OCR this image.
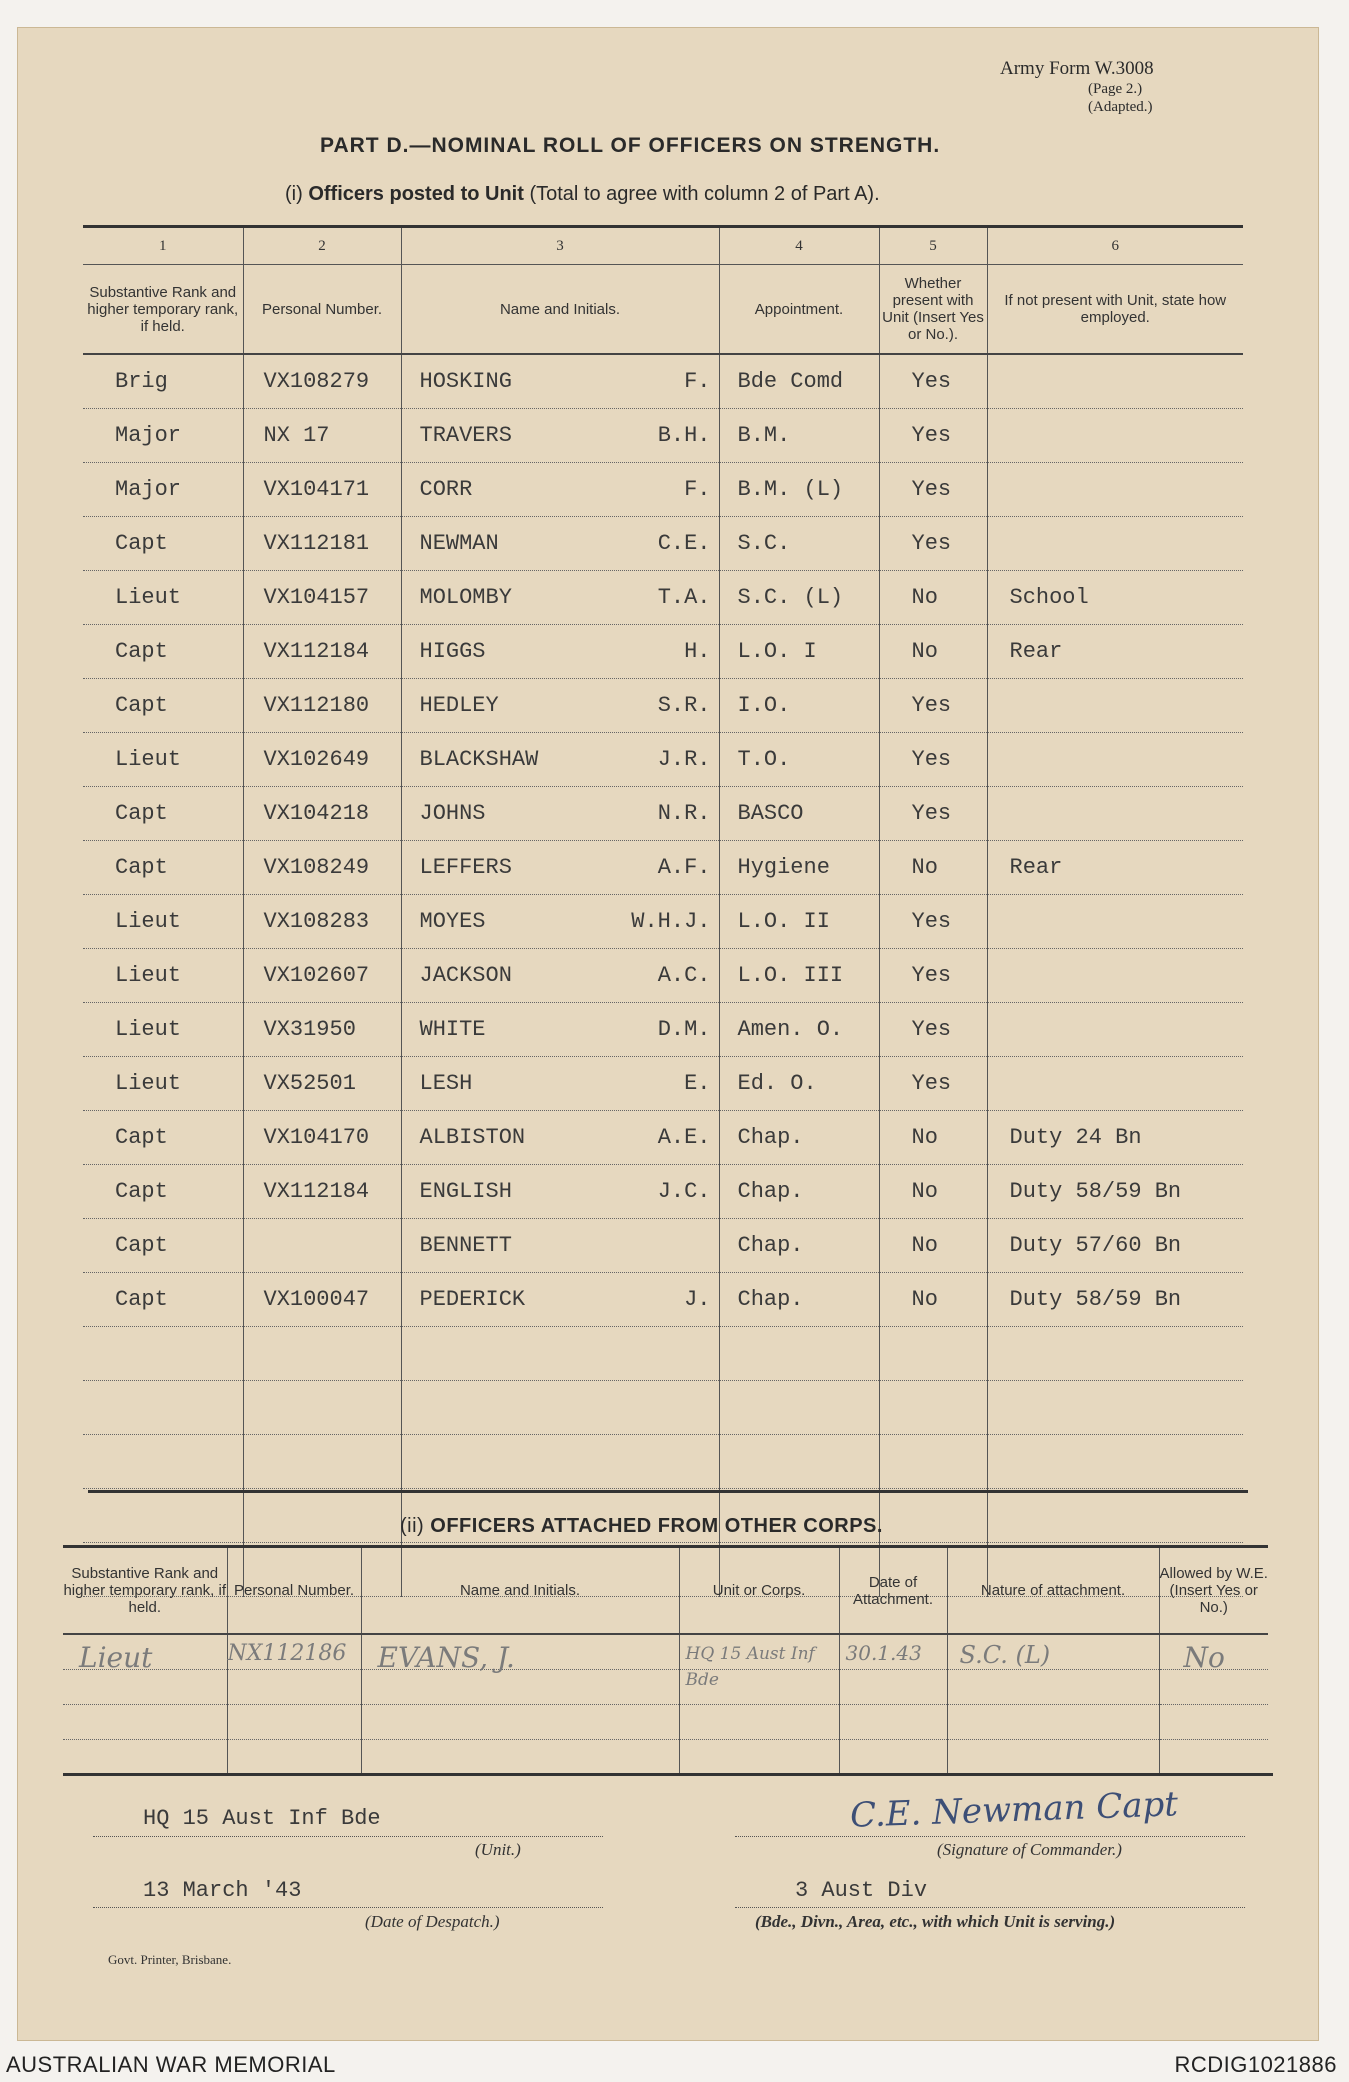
Army Form W.3008
(Page 2.)
(Adapted.)
PART D.—NOMINAL ROLL OF OFFICERS ON STRENGTH.
(i) Officers posted to Unit (Total to agree with column 2 of Part A).
1	2	3	4	5	6
Substantive Rank and higher temporary rank, if held.	Personal Number.	Name and Initials.	Appointment.	Whether present with Unit (Insert Yes or No.).	If not present with Unit, state how employed.
Brig	VX108279	HOSKING F.	Bde Comd	Yes	
Major	NX 17	TRAVERS B.H.	B.M.	Yes	
Major	VX104171	CORR F.	B.M. (L)	Yes	
Capt	VX112181	NEWMAN C.E.	S.C.	Yes	
Lieut	VX104157	MOLOMBY T.A.	S.C. (L)	No	School
Capt	VX112184	HIGGS H.	L.O. I	No	Rear
Capt	VX112180	HEDLEY S.R.	I.O.	Yes	
Lieut	VX102649	BLACKSHAW J.R.	T.O.	Yes	
Capt	VX104218	JOHNS N.R.	BASCO	Yes	
Capt	VX108249	LEFFERS A.F.	Hygiene	No	Rear
Lieut	VX108283	MOYES W.H.J.	L.O. II	Yes	
Lieut	VX102607	JACKSON A.C.	L.O. III	Yes	
Lieut	VX31950	WHITE D.M.	Amen. O.	Yes	
Lieut	VX52501	LESH E.	Ed. O.	Yes	
Capt	VX104170	ALBISTON A.E.	Chap.	No	Duty 24 Bn
Capt	VX112184	ENGLISH J.C.	Chap.	No	Duty 58/59 Bn
Capt		BENNETT	Chap.	No	Duty 57/60 Bn
Capt	VX100047	PEDERICK J.	Chap.	No	Duty 58/59 Bn

(ii) OFFICERS ATTACHED FROM OTHER CORPS.
Substantive Rank and higher temporary rank, if held.	Personal Number.	Name and Initials.	Unit or Corps.	Date of Attachment.	Nature of attachment.	Allowed by W.E. (Insert Yes or No.)

Lieut	NX112186	EVANS, J.	HQ 15 Aust Inf Bde	30.1.43	S.C. (L)	No

HQ 15 Aust Inf Bde
(Unit.)
C.E. Newman Capt
(Signature of Commander.)
13 March '43
(Date of Despatch.)
3 Aust Div
(Bde., Divn., Area, etc., with which Unit is serving.)
Govt. Printer, Brisbane.
AUSTRALIAN WAR MEMORIAL	RCDIG1021886
